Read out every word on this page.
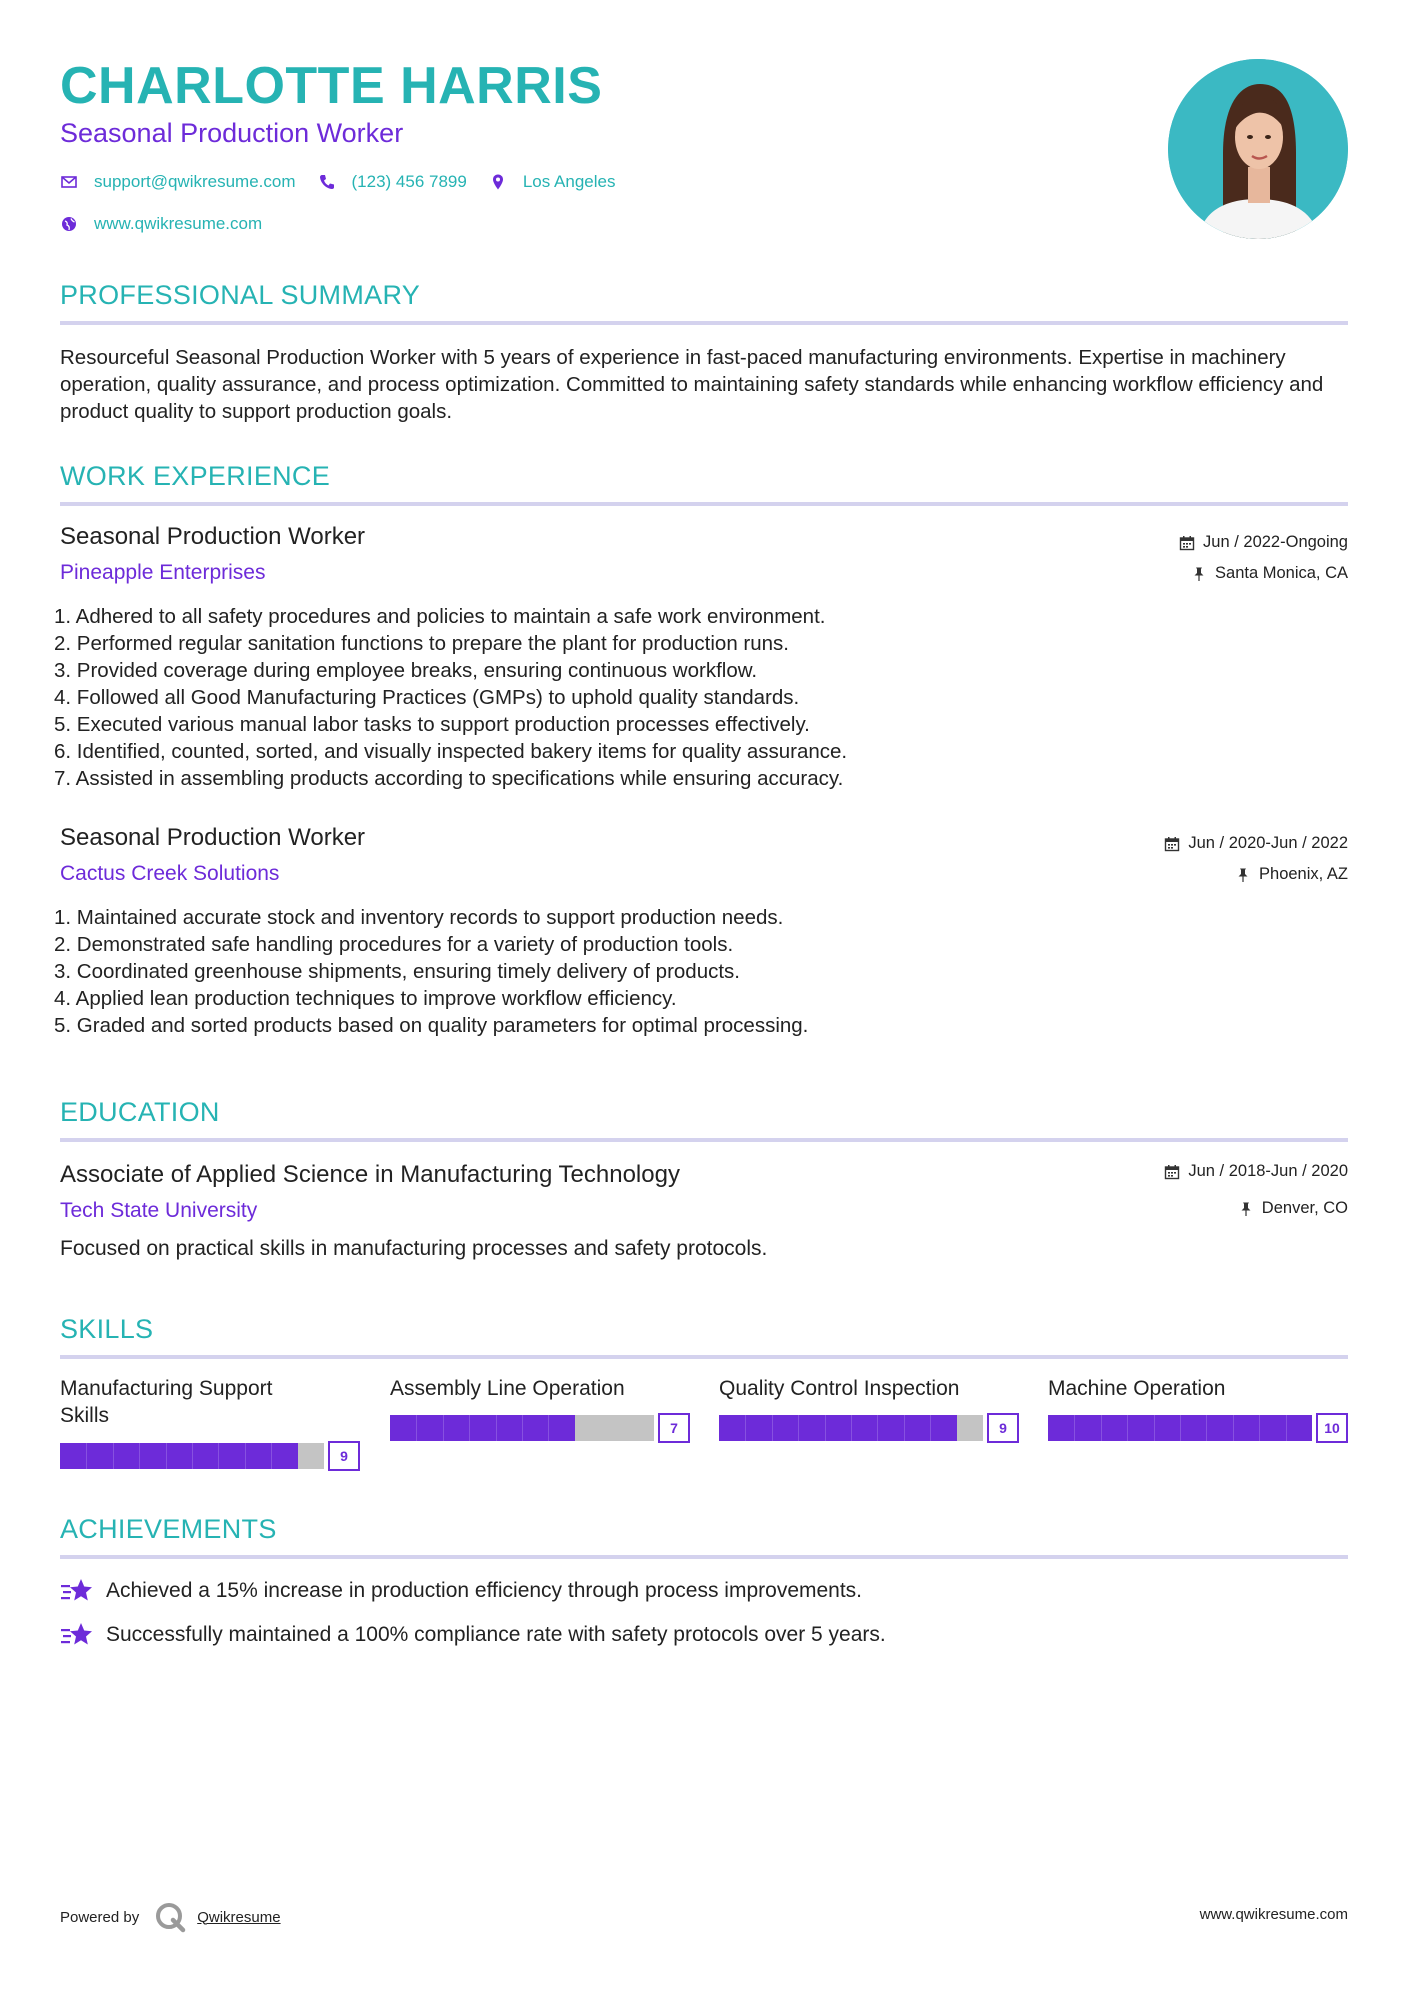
CHARLOTTE HARRIS
Seasonal Production Worker
support@qwikresume.com	(123) 456 7899	Los Angeles
www.qwikresume.com
PROFESSIONAL SUMMARY
Resourceful Seasonal Production Worker with 5 years of experience in fast-paced manufacturing environments. Expertise in machinery operation, quality assurance, and process optimization. Committed to maintaining safety standards while enhancing workflow efficiency and product quality to support production goals.
WORK EXPERIENCE
Seasonal Production Worker
Pineapple Enterprises
Jun / 2022-Ongoing
Santa Monica, CA
1. Adhered to all safety procedures and policies to maintain a safe work environment.
2. Performed regular sanitation functions to prepare the plant for production runs.
3. Provided coverage during employee breaks, ensuring continuous workflow.
4. Followed all Good Manufacturing Practices (GMPs) to uphold quality standards.
5. Executed various manual labor tasks to support production processes effectively.
6. Identified, counted, sorted, and visually inspected bakery items for quality assurance.
7. Assisted in assembling products according to specifications while ensuring accuracy.
Seasonal Production Worker
Cactus Creek Solutions
Jun / 2020-Jun / 2022
Phoenix, AZ
1. Maintained accurate stock and inventory records to support production needs.
2. Demonstrated safe handling procedures for a variety of production tools.
3. Coordinated greenhouse shipments, ensuring timely delivery of products.
4. Applied lean production techniques to improve workflow efficiency.
5. Graded and sorted products based on quality parameters for optimal processing.
EDUCATION
Associate of Applied Science in Manufacturing Technology
Tech State University
Jun / 2018-Jun / 2020
Denver, CO
Focused on practical skills in manufacturing processes and safety protocols.
SKILLS
Manufacturing Support Skills
9
Assembly Line Operation
7
Quality Control Inspection
9
Machine Operation
10
ACHIEVEMENTS
Achieved a 15% increase in production efficiency through process improvements.
Successfully maintained a 100% compliance rate with safety protocols over 5 years.
Powered by	Qwikresume	www.qwikresume.com
